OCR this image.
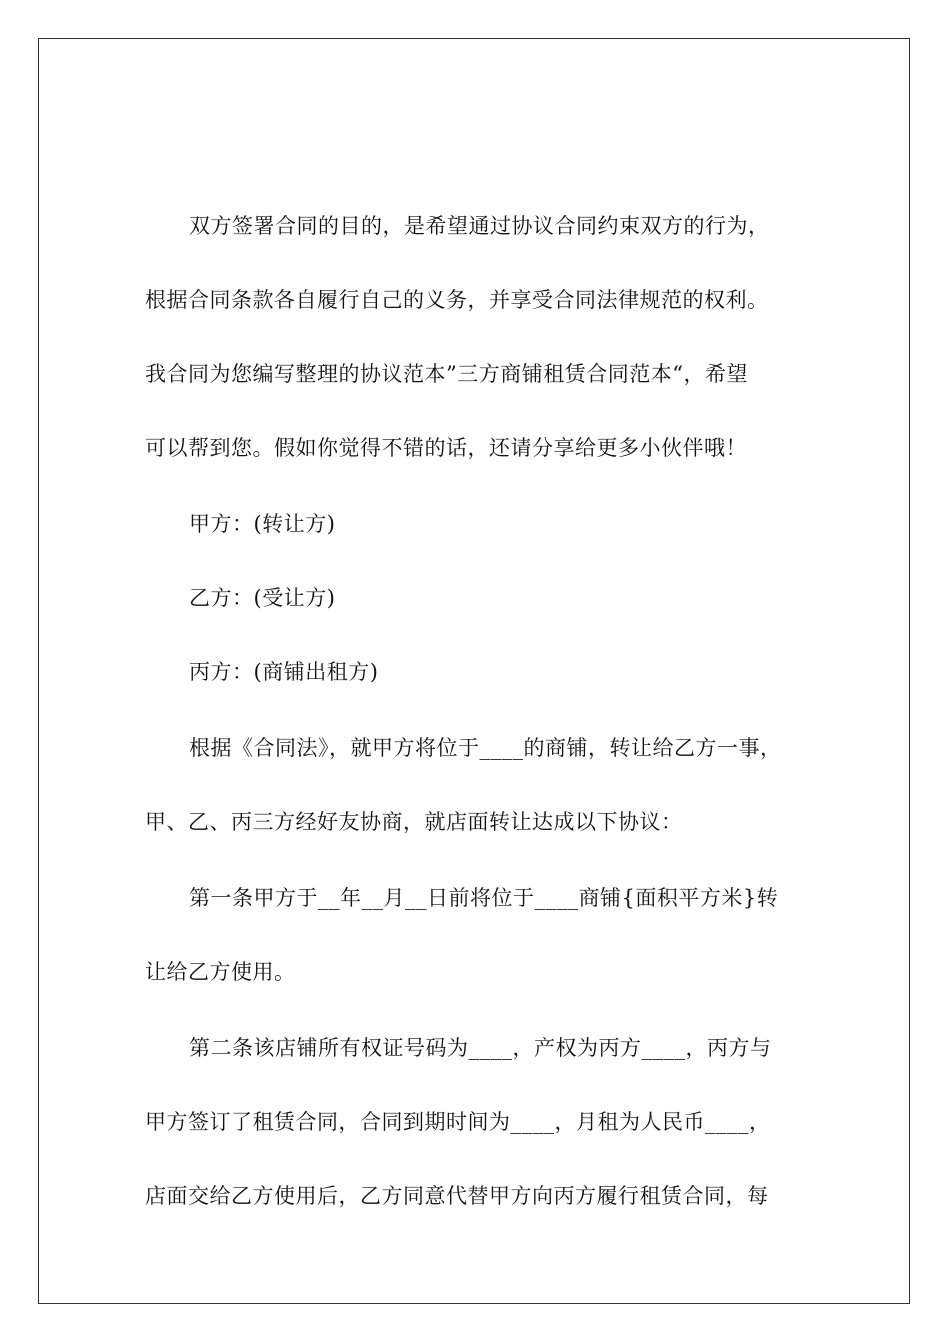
双方签署合同的目的，是希望通过协议合同约束双方的行为，
根据合同条款各自履行自己的义务，并享受合同法律规范的权利。
我合同为您编写整理的协议范本”三方商铺租赁合同范本“，希望
可以帮到您。假如你觉得不错的话，还请分享给更多小伙伴哦！
甲方：(转让方)
乙方：(受让方)
丙方：(商铺出租方)
根据《合同法》，就甲方将位于____的商铺，转让给乙方一事，
甲、乙、丙三方经好友协商，就店面转让达成以下协议：
第一条甲方于__年__月__日前将位于____商铺{面积平方米}转
让给乙方使用。
第二条该店铺所有权证号码为____，产权为丙方____，丙方与
甲方签订了租赁合同，合同到期时间为____，月租为人民币____，
店面交给乙方使用后，乙方同意代替甲方向丙方履行租赁合同，每
